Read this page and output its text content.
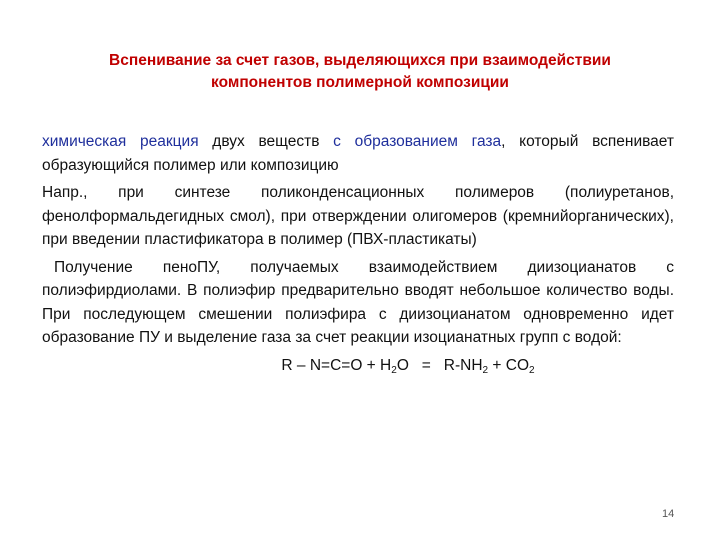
Вспенивание за счет газов, выделяющихся при взаимодействии
компонентов полимерной композиции

химическая реакция двух веществ с образованием газа, который вспенивает образующийся полимер или композицию

Напр., при синтезе поликонденсационных полимеров (полиуретанов, фенолформальдегидных смол), при отверждении олигомеров (кремнийорганических), при введении пластификатора в полимер (ПВХ-пластикаты)

Получение пеноПУ, получаемых взаимодействием диизоцианатов с полиэфирдиолами. В полиэфир предварительно вводят небольшое количество воды. При последующем смешении полиэфира с диизоцианатом одновременно идет образование ПУ и выделение газа за счет реакции изоцианатных групп с водой:

$R - N=C=O + H_2O = R-NH_2 + CO_2$
14
